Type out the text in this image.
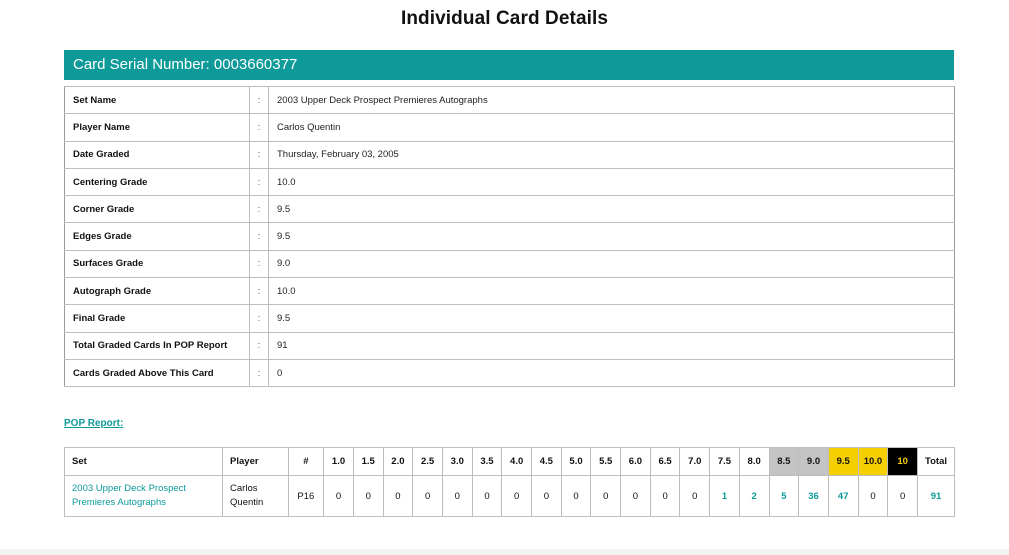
Individual Card Details
Card Serial Number: 0003660377
Set Name	:	2003 Upper Deck Prospect Premieres Autographs
Player Name	:	Carlos Quentin
Date Graded	:	Thursday, February 03, 2005
Centering Grade	:	10.0
Corner Grade	:	9.5
Edges Grade	:	9.5
Surfaces Grade	:	9.0
Autograph Grade	:	10.0
Final Grade	:	9.5
Total Graded Cards In POP Report	:	91
Cards Graded Above This Card	:	0
POP Report:
Set	Player	#	1.0	1.5	2.0	2.5	3.0	3.5	4.0	4.5	5.0	5.5	6.0	6.5	7.0	7.5	8.0	8.5	9.0	9.5	10.0	10	Total
2003 Upper Deck Prospect Premieres Autographs	Carlos Quentin	P16	0	0	0	0	0	0	0	0	0	0	0	0	0	1	2	5	36	47	0	0	91
